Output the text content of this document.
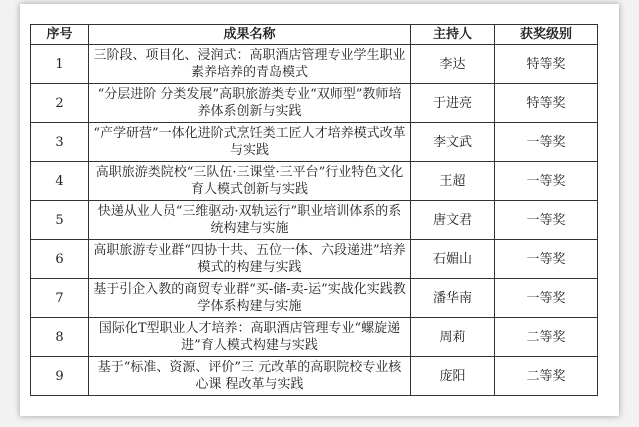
序号	成果名称	主持人	获奖级别
1	三阶段、项目化、浸润式：高职酒店管理专业学生职业素养培养的青岛模式	李达	特等奖
2	“分层进阶 分类发展”高职旅游类专业“双师型”教师培养体系创新与实践	于进亮	特等奖
3	“产学研营”一体化进阶式烹饪类工匠人才培养模式改革与实践	李文武	一等奖
4	高职旅游类院校“三队伍·三课堂·三平台”行业特色文化育人模式创新与实践	王超	一等奖
5	快递从业人员“三维驱动·双轨运行”职业培训体系的系统构建与实施	唐文君	一等奖
6	高职旅游专业群“四协十共、五位一体、六段递进”培养模式的构建与实践	石媚山	一等奖
7	基于引企入教的商贸专业群“买-储-卖-运”实战化实践教学体系构建与实施	潘华南	一等奖
8	国际化T型职业人才培养：高职酒店管理专业“螺旋递进”育人模式构建与实践	周莉	二等奖
9	基于“标准、资源、评价”三 元改革的高职院校专业核心课 程改革与实践	庞阳	二等奖
